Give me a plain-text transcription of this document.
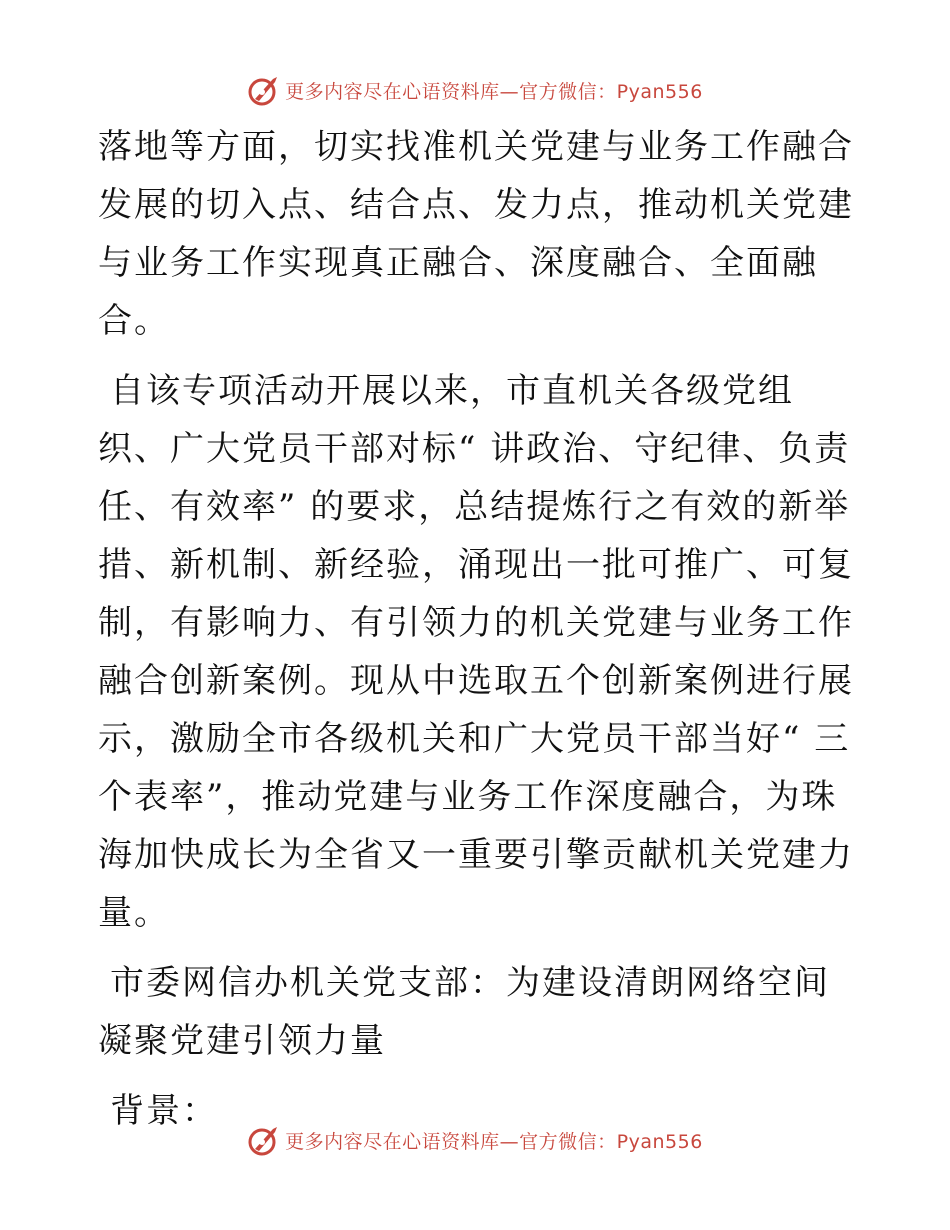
更多内容尽在心语资料库—官方微信：Pyan556

落地等方面，切实找准机关党建与业务工作融合发展的切入点、结合点、发力点，推动机关党建与业务工作实现真正融合、深度融合、全面融合。

自该专项活动开展以来，市直机关各级党组织、广大党员干部对标“ 讲政治、守纪律、负责任、有效率” 的要求，总结提炼行之有效的新举措、新机制、新经验，涌现出一批可推广、可复制，有影响力、有引领力的机关党建与业务工作融合创新案例。现从中选取五个创新案例进行展示，激励全市各级机关和广大党员干部当好“ 三个表率”，推动党建与业务工作深度融合，为珠海加快成长为全省又一重要引擎贡献机关党建力量。

市委网信办机关党支部：为建设清朗网络空间凝聚党建引领力量

背景：

更多内容尽在心语资料库—官方微信：Pyan556
